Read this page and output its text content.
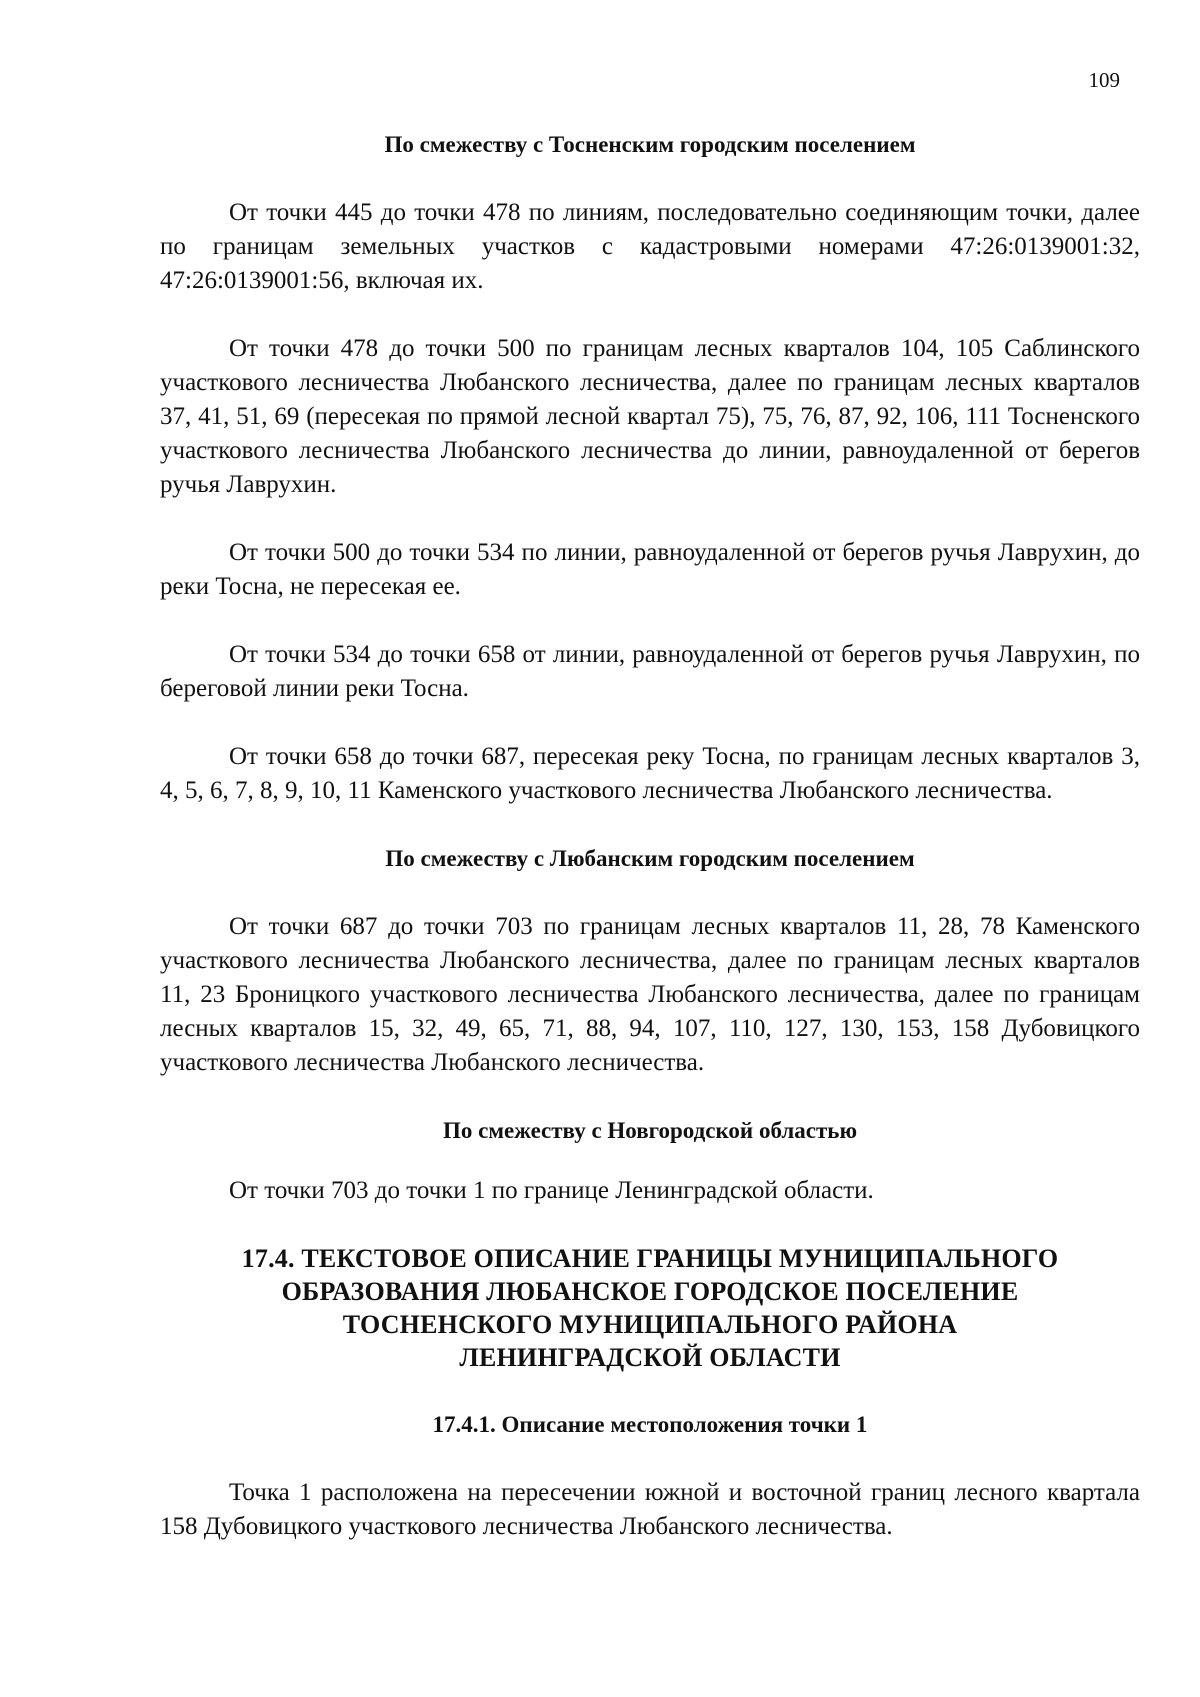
109
По смежеству с Тосненским городским поселением

От точки 445 до точки 478 по линиям, последовательно соединяющим точки, далее по границам земельных участков с кадастровыми номерами 47:26:0139001:32, 47:26:0139001:56, включая их.

От точки 478 до точки 500 по границам лесных кварталов 104, 105 Саблинского участкового лесничества Любанского лесничества, далее по границам лесных кварталов 37, 41, 51, 69 (пересекая по прямой лесной квартал 75), 75, 76, 87, 92, 106, 111 Тосненского участкового лесничества Любанского лесничества до линии, равноудаленной от берегов ручья Лаврухин.

От точки 500 до точки 534 по линии, равноудаленной от берегов ручья Лаврухин, до реки Тосна, не пересекая ее.

От точки 534 до точки 658 от линии, равноудаленной от берегов ручья Лаврухин, по береговой линии реки Тосна.

От точки 658 до точки 687, пересекая реку Тосна, по границам лесных кварталов 3, 4, 5, 6, 7, 8, 9, 10, 11 Каменского участкового лесничества Любанского лесничества.

По смежеству с Любанским городским поселением

От точки 687 до точки 703 по границам лесных кварталов 11, 28, 78 Каменского участкового лесничества Любанского лесничества, далее по границам лесных кварталов 11, 23 Броницкого участкового лесничества Любанского лесничества, далее по границам лесных кварталов 15, 32, 49, 65, 71, 88, 94, 107, 110, 127, 130, 153, 158 Дубовицкого участкового лесничества Любанского лесничества.

По смежеству с Новгородской областью

От точки 703 до точки 1 по границе Ленинградской области.

17.4. ТЕКСТОВОЕ ОПИСАНИЕ ГРАНИЦЫ МУНИЦИПАЛЬНОГО
ОБРАЗОВАНИЯ ЛЮБАНСКОЕ ГОРОДСКОЕ ПОСЕЛЕНИЕ
ТОСНЕНСКОГО МУНИЦИПАЛЬНОГО РАЙОНА
ЛЕНИНГРАДСКОЙ ОБЛАСТИ
17.4.1. Описание местоположения точки 1

Точка 1 расположена на пересечении южной и восточной границ лесного квартала 158 Дубовицкого участкового лесничества Любанского лесничества.
